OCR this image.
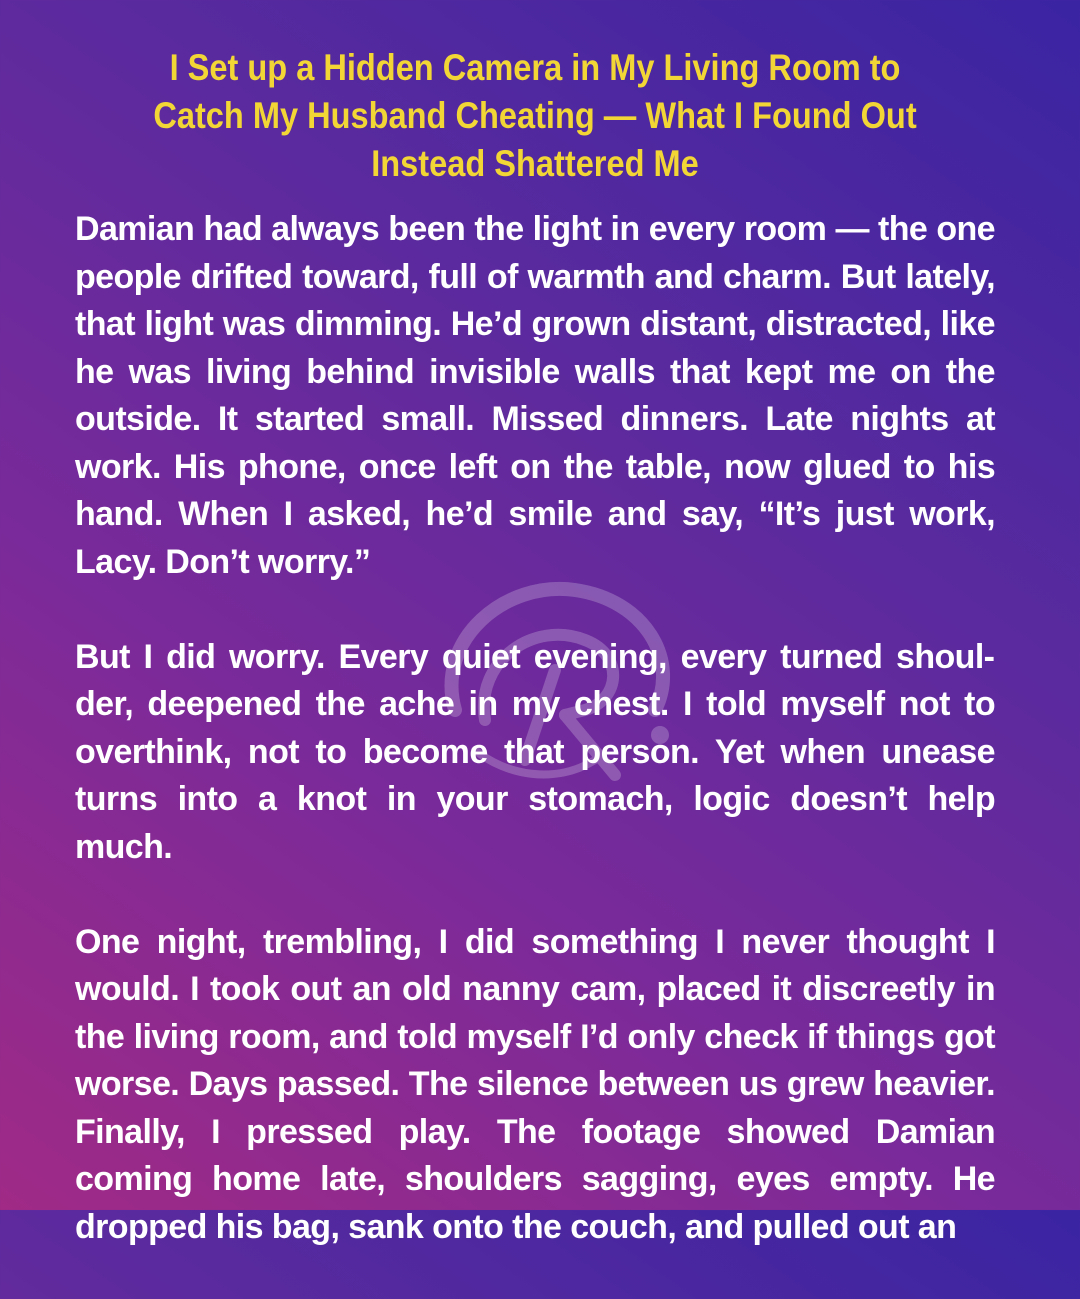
I Set up a Hidden Camera in My Living Room to
Catch My Husband Cheating — What I Found Out
Instead Shattered Me

Damian had always been the light in every room — the one people drifted toward, full of warmth and charm. But lately, that light was dimming. He’d grown distant, distracted, like he was living behind invisible walls that kept me on the outside. It started small. Missed dinners. Late nights at work. His phone, once left on the table, now glued to his hand. When I asked, he’d smile and say, “It’s just work, Lacy. Don’t worry.”

But I did worry. Every quiet evening, every turned shoulder, deepened the ache in my chest. I told myself not to overthink, not to become that person. Yet when unease turns into a knot in your stomach, logic doesn’t help much.

One night, trembling, I did something I never thought I would. I took out an old nanny cam, placed it discreetly in the living room, and told myself I’d only check if things got worse. Days passed. The silence between us grew heavier. Finally, I pressed play. The footage showed Damian coming home late, shoulders sagging, eyes empty. He dropped his bag, sank onto the couch, and pulled out an
